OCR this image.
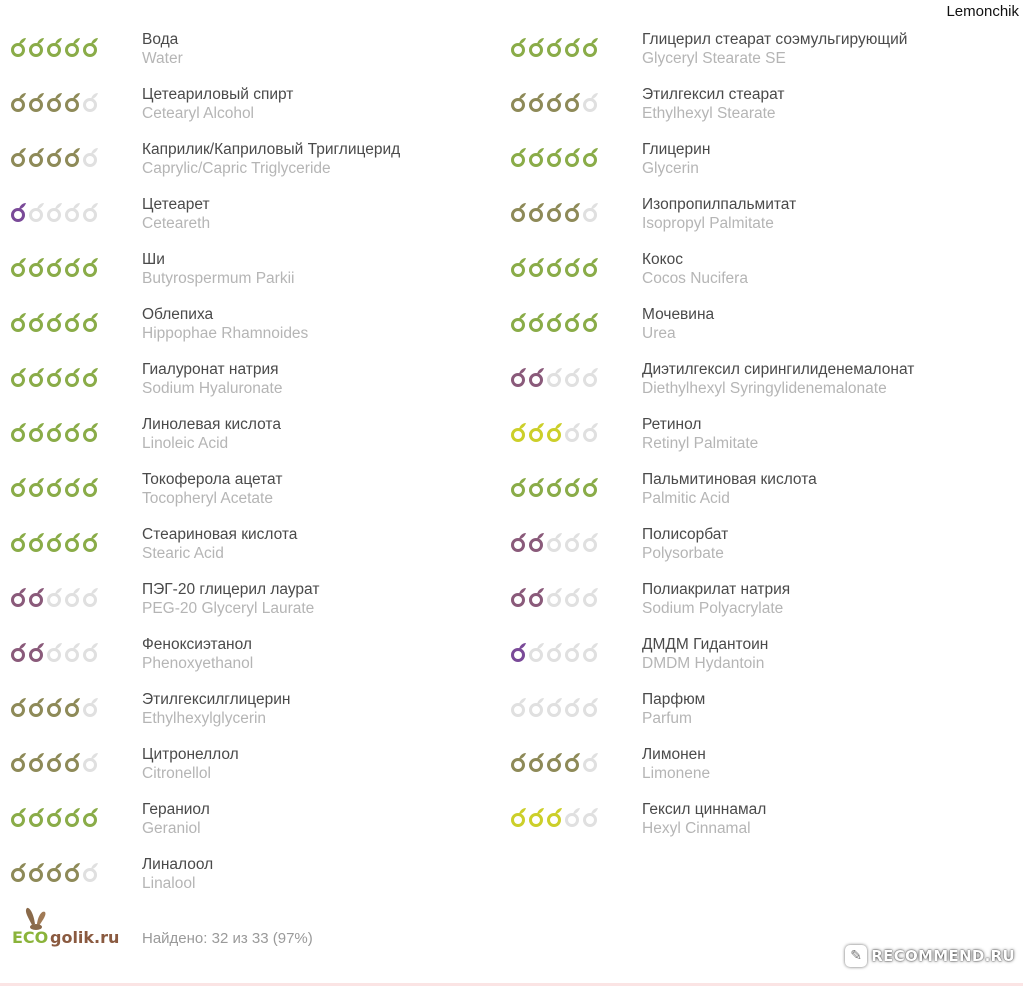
Lemonchik
Вода
Water
Цетеариловый спирт
Cetearyl Alcohol
Каприлик/Каприловый Триглицерид
Caprylic/Capric Triglyceride
Цетеарет
Ceteareth
Ши
Butyrospermum Parkii
Облепиха
Hippophae Rhamnoides
Гиалуронат натрия
Sodium Hyaluronate
Линолевая кислота
Linoleic Acid
Токоферола ацетат
Tocopheryl Acetate
Стеариновая кислота
Stearic Acid
ПЭГ-20 глицерил лаурат
PEG-20 Glyceryl Laurate
Феноксиэтанол
Phenoxyethanol
Этилгексилглицерин
Ethylhexylglycerin
Цитронеллол
Citronellol
Гераниол
Geraniol
Линалоол
Linalool
Глицерил стеарат соэмульгирующий
Glyceryl Stearate SE
Этилгексил стеарат
Ethylhexyl Stearate
Глицерин
Glycerin
Изопропилпальмитат
Isopropyl Palmitate
Кокос
Cocos Nucifera
Мочевина
Urea
Диэтилгексил сирингилиденемалонат
Diethylhexyl Syringylidenemalonate
Ретинол
Retinyl Palmitate
Пальмитиновая кислота
Palmitic Acid
Полисорбат
Polysorbate
Полиакрилат натрия
Sodium Polyacrylate
ДМДМ Гидантоин
DMDM Hydantoin
Парфюм
Parfum
Лимонен
Limonene
Гексил циннамал
Hexyl Cinnamal
ECO golik.ru Найдено: 32 из 33 (97%)
✎ RECOMMEND.RU
